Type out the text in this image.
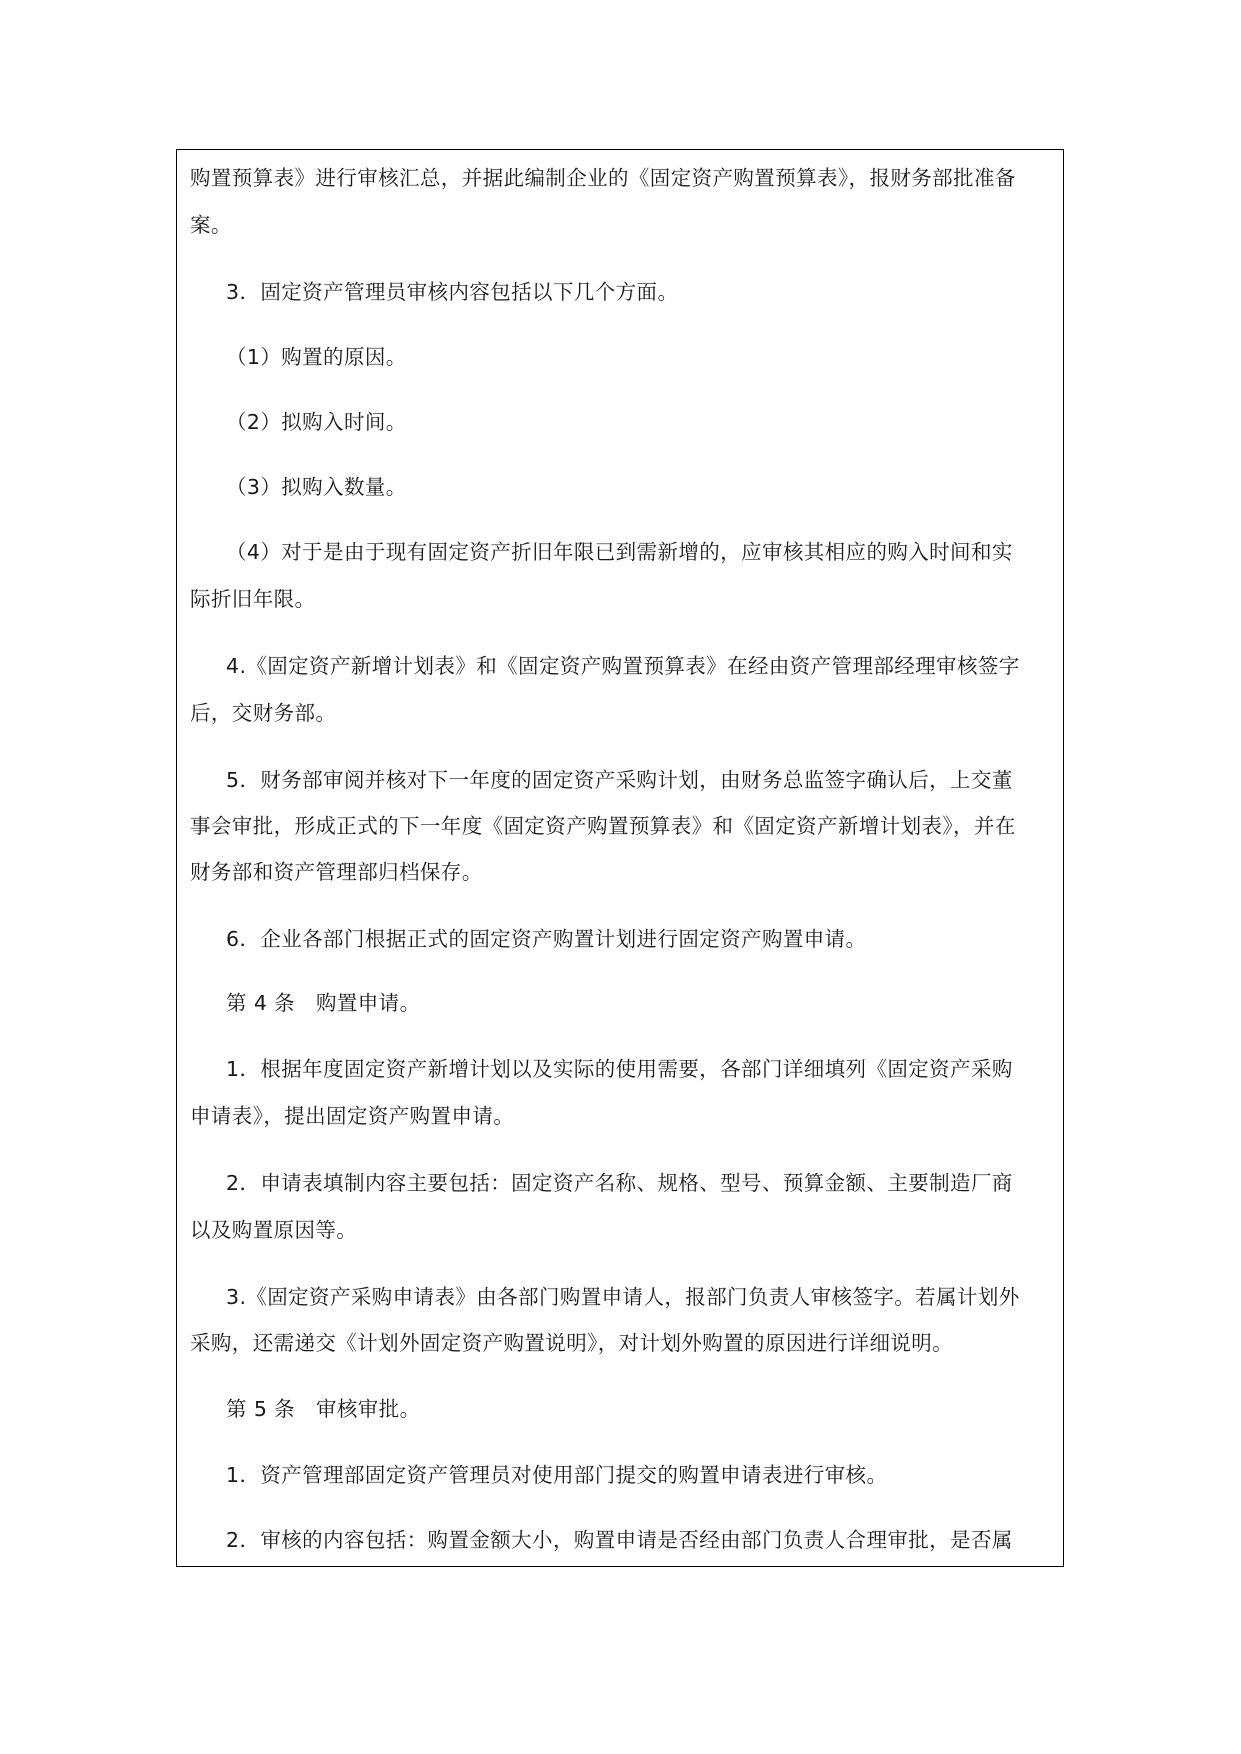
购置预算表》进行审核汇总，并据此编制企业的《固定资产购置预算表》，报财务部批准备
案。
3．固定资产管理员审核内容包括以下几个方面。
（1）购置的原因。
（2）拟购入时间。
（3）拟购入数量。
（4）对于是由于现有固定资产折旧年限已到需新增的，应审核其相应的购入时间和实
际折旧年限。
4.《固定资产新增计划表》和《固定资产购置预算表》在经由资产管理部经理审核签字
后，交财务部。
5．财务部审阅并核对下一年度的固定资产采购计划，由财务总监签字确认后，上交董
事会审批，形成正式的下一年度《固定资产购置预算表》和《固定资产新增计划表》，并在
财务部和资产管理部归档保存。
6．企业各部门根据正式的固定资产购置计划进行固定资产购置申请。
第 4 条　购置申请。
1．根据年度固定资产新增计划以及实际的使用需要，各部门详细填列《固定资产采购
申请表》，提出固定资产购置申请。
2．申请表填制内容主要包括：固定资产名称、规格、型号、预算金额、主要制造厂商
以及购置原因等。
3.《固定资产采购申请表》由各部门购置申请人，报部门负责人审核签字。若属计划外
采购，还需递交《计划外固定资产购置说明》，对计划外购置的原因进行详细说明。
第 5 条　审核审批。
1．资产管理部固定资产管理员对使用部门提交的购置申请表进行审核。
2．审核的内容包括：购置金额大小，购置申请是否经由部门负责人合理审批，是否属
